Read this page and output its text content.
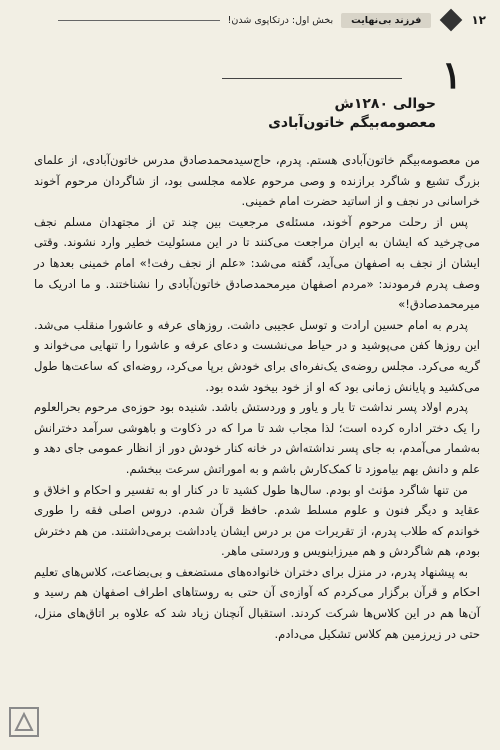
۱۲
فرزند بی‌نهایت
بخش اول: درتکاپوی شدن!
۱
حوالی ۱۲۸۰ش
معصومه‌بیگم خاتون‌آبادی

من معصومه‌بیگم خاتون‌آبادی هستم. پدرم، حاج‌سیدمحمدصادق مدرس خاتون‌آبادی، از علمای بزرگ تشیع و شاگرد برازنده و وصی مرحوم علامه مجلسی بود، از شاگردان مرحوم آخوند خراسانی در نجف و از اساتید حضرت امام خمینی.

پس از رحلت مرحوم آخوند، مسئله‌ی مرجعیت بین چند تن از مجتهدان مسلم نجف می‌چرخید که ایشان به ایران مراجعت می‌کنند تا در این مسئولیت خطیر وارد نشوند. وقتی ایشان از نجف به اصفهان می‌آید، گفته می‌شد: «علم از نجف رفت!» امام خمینی بعدها در وصف پدرم فرمودند: «مردم اصفهان میرمحمدصادق خاتون‌آبادی را نشناختند. و ما ادریک ما میرمحمدصادق!»

پدرم به امام حسین ارادت و توسل عجیبی داشت. روزهای عرفه و عاشورا منقلب می‌شد. این روزها کفن می‌پوشید و در حیاط می‌نشست و دعای عرفه و عاشورا را تنهایی می‌خواند و گریه می‌کرد. مجلس روضه‌ی یک‌نفره‌ای برای خودش برپا می‌کرد، روضه‌ای که ساعت‌ها طول می‌کشید و پایانش زمانی بود که او از خود بیخود شده بود.

پدرم اولاد پسر نداشت تا یار و یاور و وردستش باشد. شنیده بود حوزه‌ی مرحوم بحرالعلوم را یک دختر اداره کرده است؛ لذا مجاب شد تا مرا که در ذکاوت و باهوشی سرآمد دخترانش به‌شمار می‌آمدم، به جای پسر نداشته‌اش در خانه کنار خودش دور از انظار عمومی جای دهد و علم و دانش بهم بیاموزد تا کمک‌کارش باشم و به اموراتش سرعت ببخشم.

من تنها شاگرد مؤنث او بودم. سال‌ها طول کشید تا در کنار او به تفسیر و احکام و اخلاق و عقاید و دیگر فنون و علوم مسلط شدم. حافظ قرآن شدم. دروس اصلی فقه را طوری خواندم که طلاب پدرم، از تقریرات من بر درس ایشان یادداشت برمی‌داشتند. من هم دخترش بودم، هم شاگردش و هم میرزابنویس و وردستی ماهر.

به پیشنهاد پدرم، در منزل برای دختران خانواده‌های مستضعف و بی‌بضاعت، کلاس‌های تعلیم احکام و قرآن برگزار می‌کردم که آوازه‌ی آن حتی به روستاهای اطراف اصفهان هم رسید و آن‌ها هم در این کلاس‌ها شرکت کردند. استقبال آنچنان زیاد شد که علاوه بر اتاق‌های منزل، حتی در زیرزمین هم کلاس تشکیل می‌دادم.
